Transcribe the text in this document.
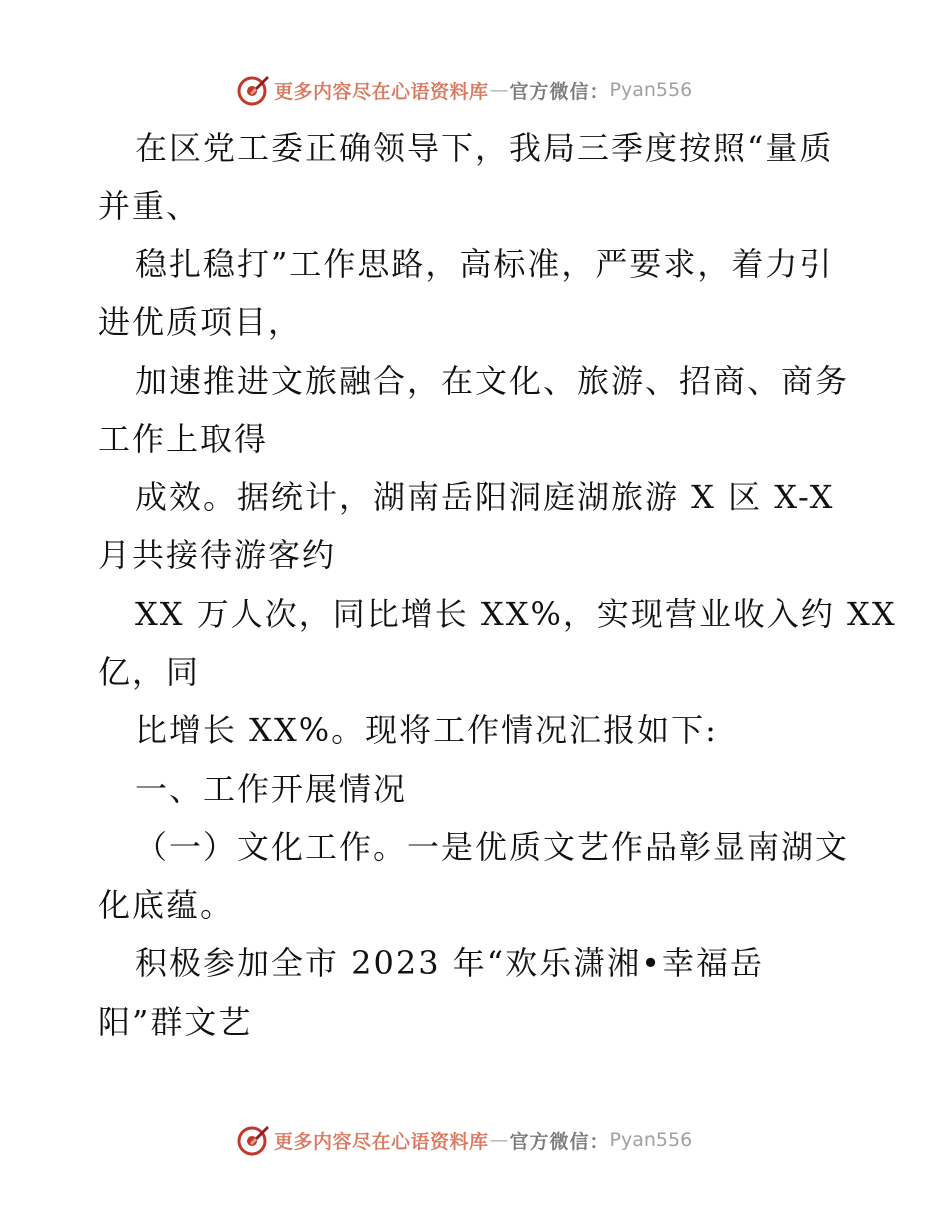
更多内容尽在心语资料库 — 官方微信： Pyan556

在区党工委正确领导下，我局三季度按照“量质

并重、

稳扎稳打”工作思路，高标准，严要求，着力引

进优质项目，

加速推进文旅融合，在文化、旅游、招商、商务

工作上取得

成效。据统计，湖南岳阳洞庭湖旅游 X 区 X-X

月共接待游客约

XX 万人次，同比增长 XX%，实现营业收入约 XX

亿，同

比增长 XX%。现将工作情况汇报如下:

一、工作开展情况

（一）文化工作。一是优质文艺作品彰显南湖文

化底蕴。

积极参加全市 2023 年“欢乐潇湘•幸福岳

阳”群文艺

更多内容尽在心语资料库 — 官方微信： Pyan556
